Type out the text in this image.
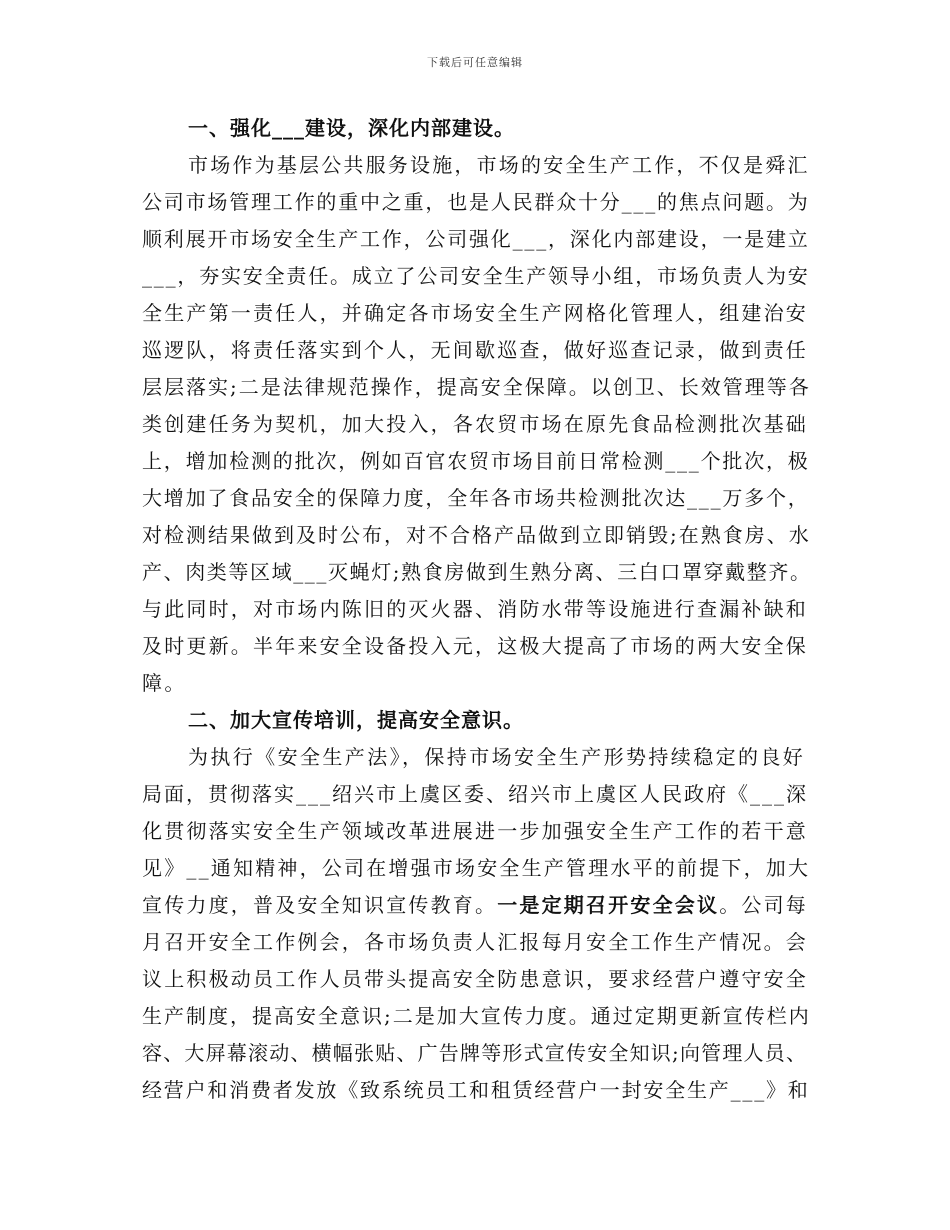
下载后可任意编辑
一、强化___建设，深化内部建设。
市场作为基层公共服务设施，市场的安全生产工作，不仅是舜汇
公司市场管理工作的重中之重，也是人民群众十分___的焦点问题。为
顺利展开市场安全生产工作，公司强化___，深化内部建设，一是建立
___，夯实安全责任。成立了公司安全生产领导小组，市场负责人为安
全生产第一责任人，并确定各市场安全生产网格化管理人，组建治安
巡逻队，将责任落实到个人，无间歇巡查，做好巡查记录，做到责任
层层落实;二是法律规范操作，提高安全保障。以创卫、长效管理等各
类创建任务为契机，加大投入，各农贸市场在原先食品检测批次基础
上，增加检测的批次，例如百官农贸市场目前日常检测___个批次，极
大增加了食品安全的保障力度，全年各市场共检测批次达___万多个，
对检测结果做到及时公布，对不合格产品做到立即销毁;在熟食房、水
产、肉类等区域___灭蝇灯;熟食房做到生熟分离、三白口罩穿戴整齐。
与此同时，对市场内陈旧的灭火器、消防水带等设施进行查漏补缺和
及时更新。半年来安全设备投入元，这极大提高了市场的两大安全保
障。
二、加大宣传培训，提高安全意识。
为执行《安全生产法》，保持市场安全生产形势持续稳定的良好
局面，贯彻落实___绍兴市上虞区委、绍兴市上虞区人民政府《___深
化贯彻落实安全生产领域改革进展进一步加强安全生产工作的若干意
见》__通知精神，公司在增强市场安全生产管理水平的前提下，加大
宣传力度，普及安全知识宣传教育。一是定期召开安全会议。公司每
月召开安全工作例会，各市场负责人汇报每月安全工作生产情况。会
议上积极动员工作人员带头提高安全防患意识，要求经营户遵守安全
生产制度，提高安全意识;二是加大宣传力度。通过定期更新宣传栏内
容、大屏幕滚动、横幅张贴、广告牌等形式宣传安全知识;向管理人员、
经营户和消费者发放《致系统员工和租赁经营户一封安全生产___》和
